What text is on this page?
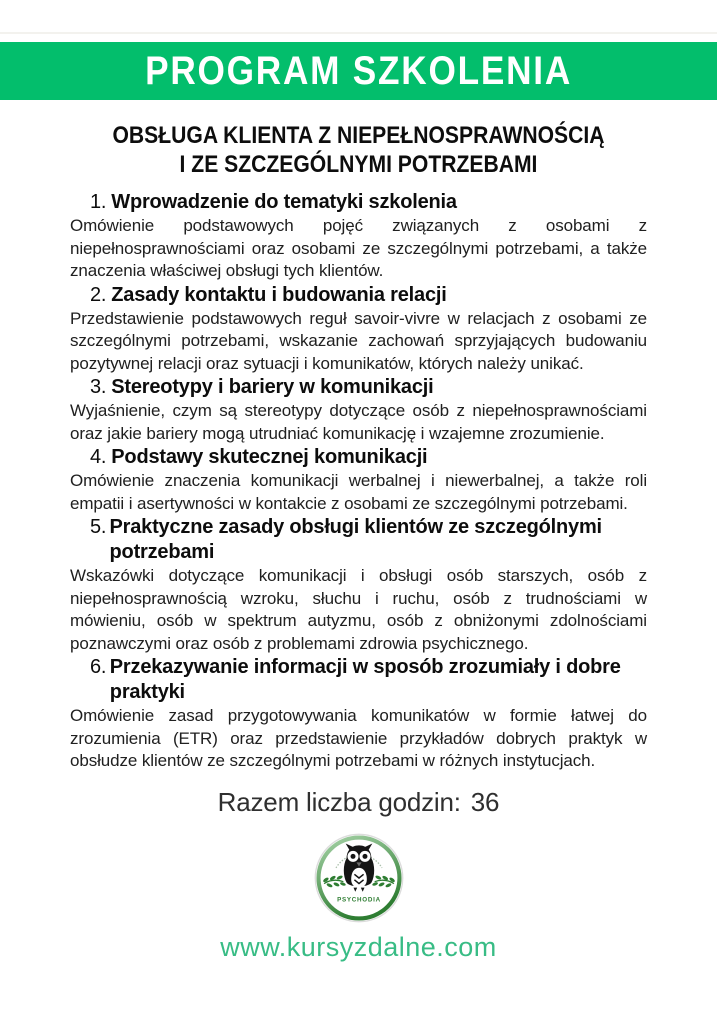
PROGRAM SZKOLENIA
OBSŁUGA KLIENTA Z NIEPEŁNOSPRAWNOŚCIĄ
I ZE SZCZEGÓLNYMI POTRZEBAMI
1. Wprowadzenie do tematyki szkolenia

Omówienie podstawowych pojęć związanych z osobami z niepełnosprawnościami oraz osobami ze szczególnymi potrzebami, a także znaczenia właściwej obsługi tych klientów.

2. Zasady kontaktu i budowania relacji

Przedstawienie podstawowych reguł savoir-vivre w relacjach z osobami ze szczególnymi potrzebami, wskazanie zachowań sprzyjających budowaniu pozytywnej relacji oraz sytuacji i komunikatów, których należy unikać.

3. Stereotypy i bariery w komunikacji

Wyjaśnienie, czym są stereotypy dotyczące osób z niepełnosprawnościami oraz jakie bariery mogą utrudniać komunikację i wzajemne zrozumienie.

4. Podstawy skutecznej komunikacji

Omówienie znaczenia komunikacji werbalnej i niewerbalnej, a także roli empatii i asertywności w kontakcie z osobami ze szczególnymi potrzebami.

5. Praktyczne zasady obsługi klientów ze szczególnymi potrzebami

Wskazówki dotyczące komunikacji i obsługi osób starszych, osób z niepełnosprawnością wzroku, słuchu i ruchu, osób z trudnościami w mówieniu, osób w spektrum autyzmu, osób z obniżonymi zdolnościami poznawczymi oraz osób z problemami zdrowia psychicznego.

6. Przekazywanie informacji w sposób zrozumiały i dobre praktyki

Omówienie zasad przygotowywania komunikatów w formie łatwej do zrozumienia (ETR) oraz przedstawienie przykładów dobrych praktyk w obsłudze klientów ze szczególnymi potrzebami w różnych instytucjach.

Razem liczba godzin: 36
PSYCHODIA
www.kursyzdalne.com
